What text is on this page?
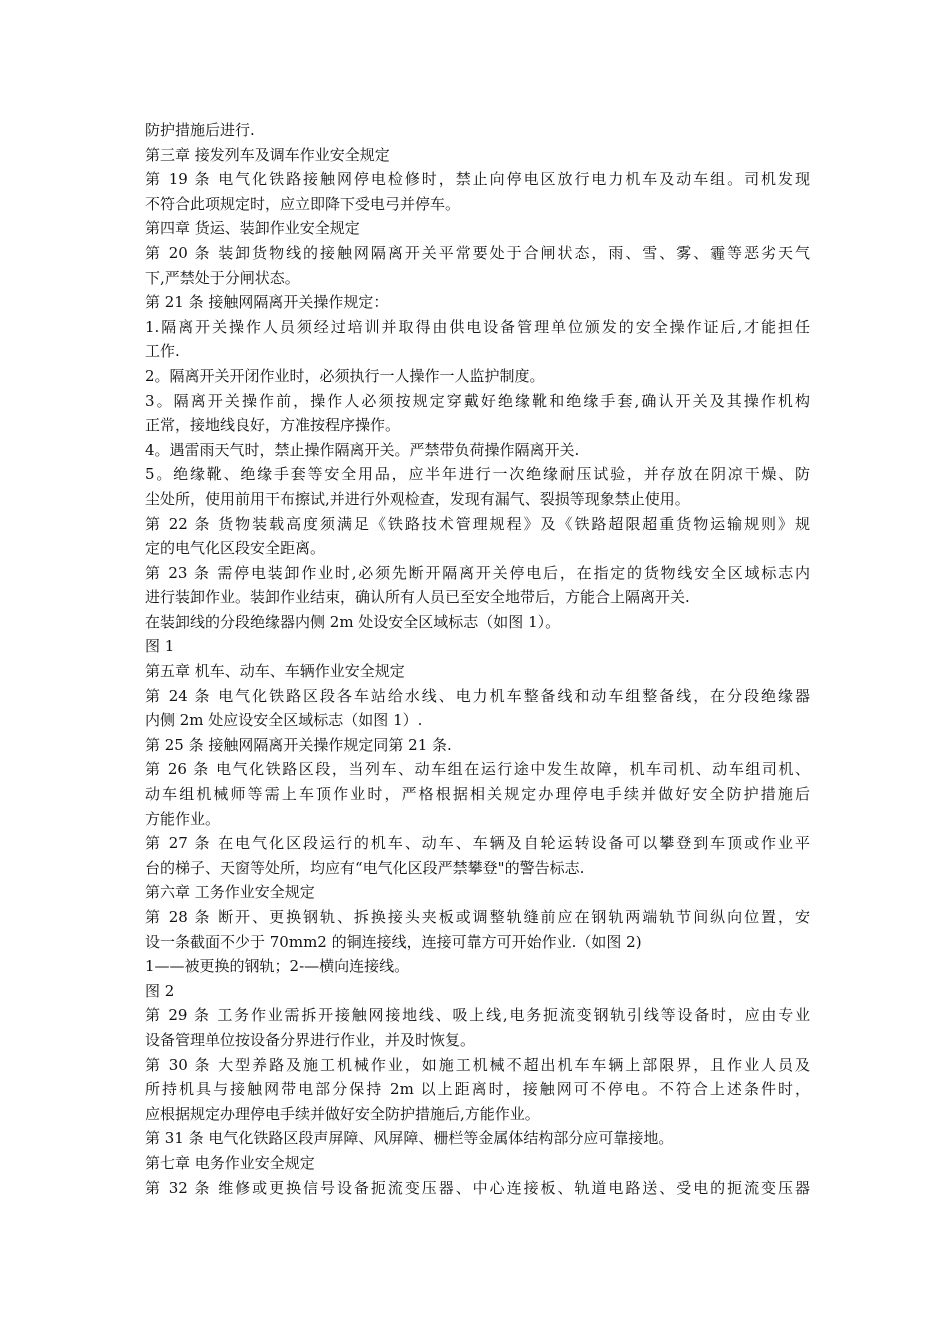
防护措施后进行.
第三章 接发列车及调车作业安全规定
第 19 条 电气化铁路接触网停电检修时，禁止向停电区放行电力机车及动车组。司机发现
不符合此项规定时，应立即降下受电弓并停车。
第四章 货运、装卸作业安全规定
第 20 条 装卸货物线的接触网隔离开关平常要处于合闸状态，雨、雪、雾、霾等恶劣天气
下,严禁处于分闸状态。
第 21 条 接触网隔离开关操作规定：
1.隔离开关操作人员须经过培训并取得由供电设备管理单位颁发的安全操作证后,才能担任
工作.
2。隔离开关开闭作业时，必须执行一人操作一人监护制度。
3。隔离开关操作前，操作人必须按规定穿戴好绝缘靴和绝缘手套,确认开关及其操作机构
正常，接地线良好，方准按程序操作。
4。遇雷雨天气时，禁止操作隔离开关。严禁带负荷操作隔离开关.
5。绝缘靴、绝缘手套等安全用品，应半年进行一次绝缘耐压试验，并存放在阴凉干燥、防
尘处所，使用前用干布擦试,并进行外观检查，发现有漏气、裂损等现象禁止使用。
第 22 条 货物装载高度须满足《铁路技术管理规程》及《铁路超限超重货物运输规则》规
定的电气化区段安全距离。
第 23 条 需停电装卸作业时,必须先断开隔离开关停电后，在指定的货物线安全区域标志内
进行装卸作业。装卸作业结束，确认所有人员已至安全地带后，方能合上隔离开关.
在装卸线的分段绝缘器内侧 2m 处设安全区域标志（如图 1）。
图 1
第五章 机车、动车、车辆作业安全规定
第 24 条 电气化铁路区段各车站给水线、电力机车整备线和动车组整备线，在分段绝缘器
内侧 2m 处应设安全区域标志（如图 1）.
第 25 条 接触网隔离开关操作规定同第 21 条.
第 26 条 电气化铁路区段，当列车、动车组在运行途中发生故障，机车司机、动车组司机、
动车组机械师等需上车顶作业时，严格根据相关规定办理停电手续并做好安全防护措施后
方能作业。
第 27 条 在电气化区段运行的机车、动车、车辆及自轮运转设备可以攀登到车顶或作业平
台的梯子、天窗等处所，均应有“电气化区段严禁攀登"的警告标志.
第六章 工务作业安全规定
第 28 条 断开、更换钢轨、拆换接头夹板或调整轨缝前应在钢轨两端轨节间纵向位置，安
设一条截面不少于 70mm2 的铜连接线，连接可靠方可开始作业.（如图 2)
1——被更换的钢轨；2-—横向连接线。
图 2
第 29 条 工务作业需拆开接触网接地线、吸上线,电务扼流变钢轨引线等设备时，应由专业
设备管理单位按设备分界进行作业，并及时恢复。
第 30 条 大型养路及施工机械作业，如施工机械不超出机车车辆上部限界，且作业人员及
所持机具与接触网带电部分保持 2m 以上距离时，接触网可不停电。不符合上述条件时，
应根据规定办理停电手续并做好安全防护措施后,方能作业。
第 31 条 电气化铁路区段声屏障、风屏障、栅栏等金属体结构部分应可靠接地。
第七章 电务作业安全规定
第 32 条 维修或更换信号设备扼流变压器、中心连接板、轨道电路送、受电的扼流变压器
